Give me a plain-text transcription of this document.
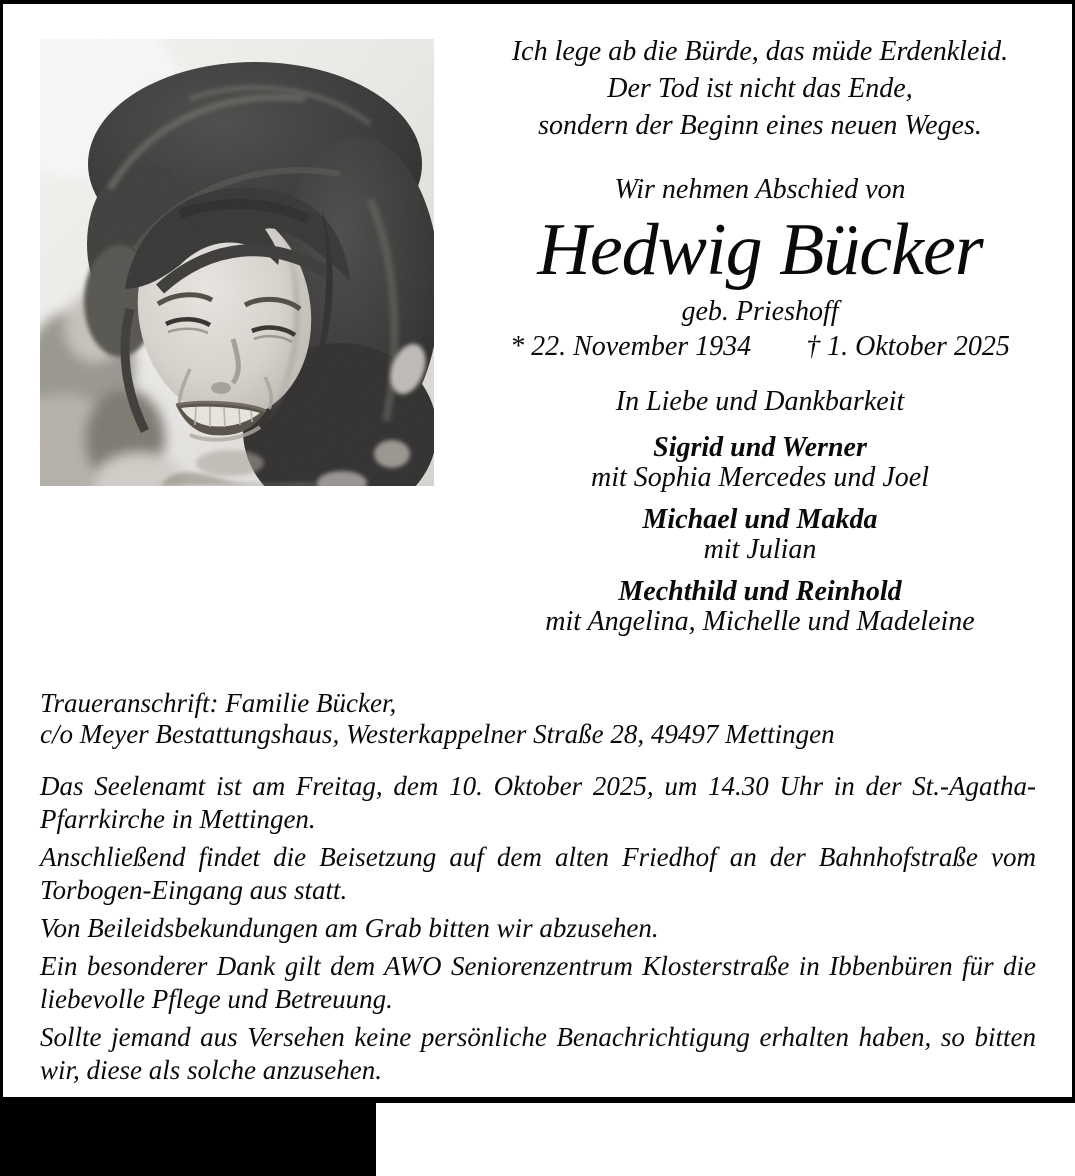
Ich lege ab die Bürde, das müde Erdenkleid.
Der Tod ist nicht das Ende,
sondern der Beginn eines neuen Weges.
Wir nehmen Abschied von
Hedwig Bücker
geb. Prieshoff
* 22. November 1934 † 1. Oktober 2025
In Liebe und Dankbarkeit
Sigrid und Werner
mit Sophia Mercedes und Joel
Michael und Makda
mit Julian
Mechthild und Reinhold
mit Angelina, Michelle und Madeleine
Traueranschrift: Familie Bücker,
c/o Meyer Bestattungshaus, Westerkappelner Straße 28, 49497 Mettingen
Das Seelenamt ist am Freitag, dem 10. Oktober 2025, um 14.30 Uhr in der St.-Agatha-Pfarrkirche in Mettingen.
Anschließend findet die Beisetzung auf dem alten Friedhof an der Bahnhofstraße vom Torbogen-Eingang aus statt.
Von Beileidsbekundungen am Grab bitten wir abzusehen.
Ein besonderer Dank gilt dem AWO Seniorenzentrum Klosterstraße in Ibbenbüren für die liebevolle Pflege und Betreuung.
Sollte jemand aus Versehen keine persönliche Benachrichtigung erhalten haben, so bitten wir, diese als solche anzusehen.
